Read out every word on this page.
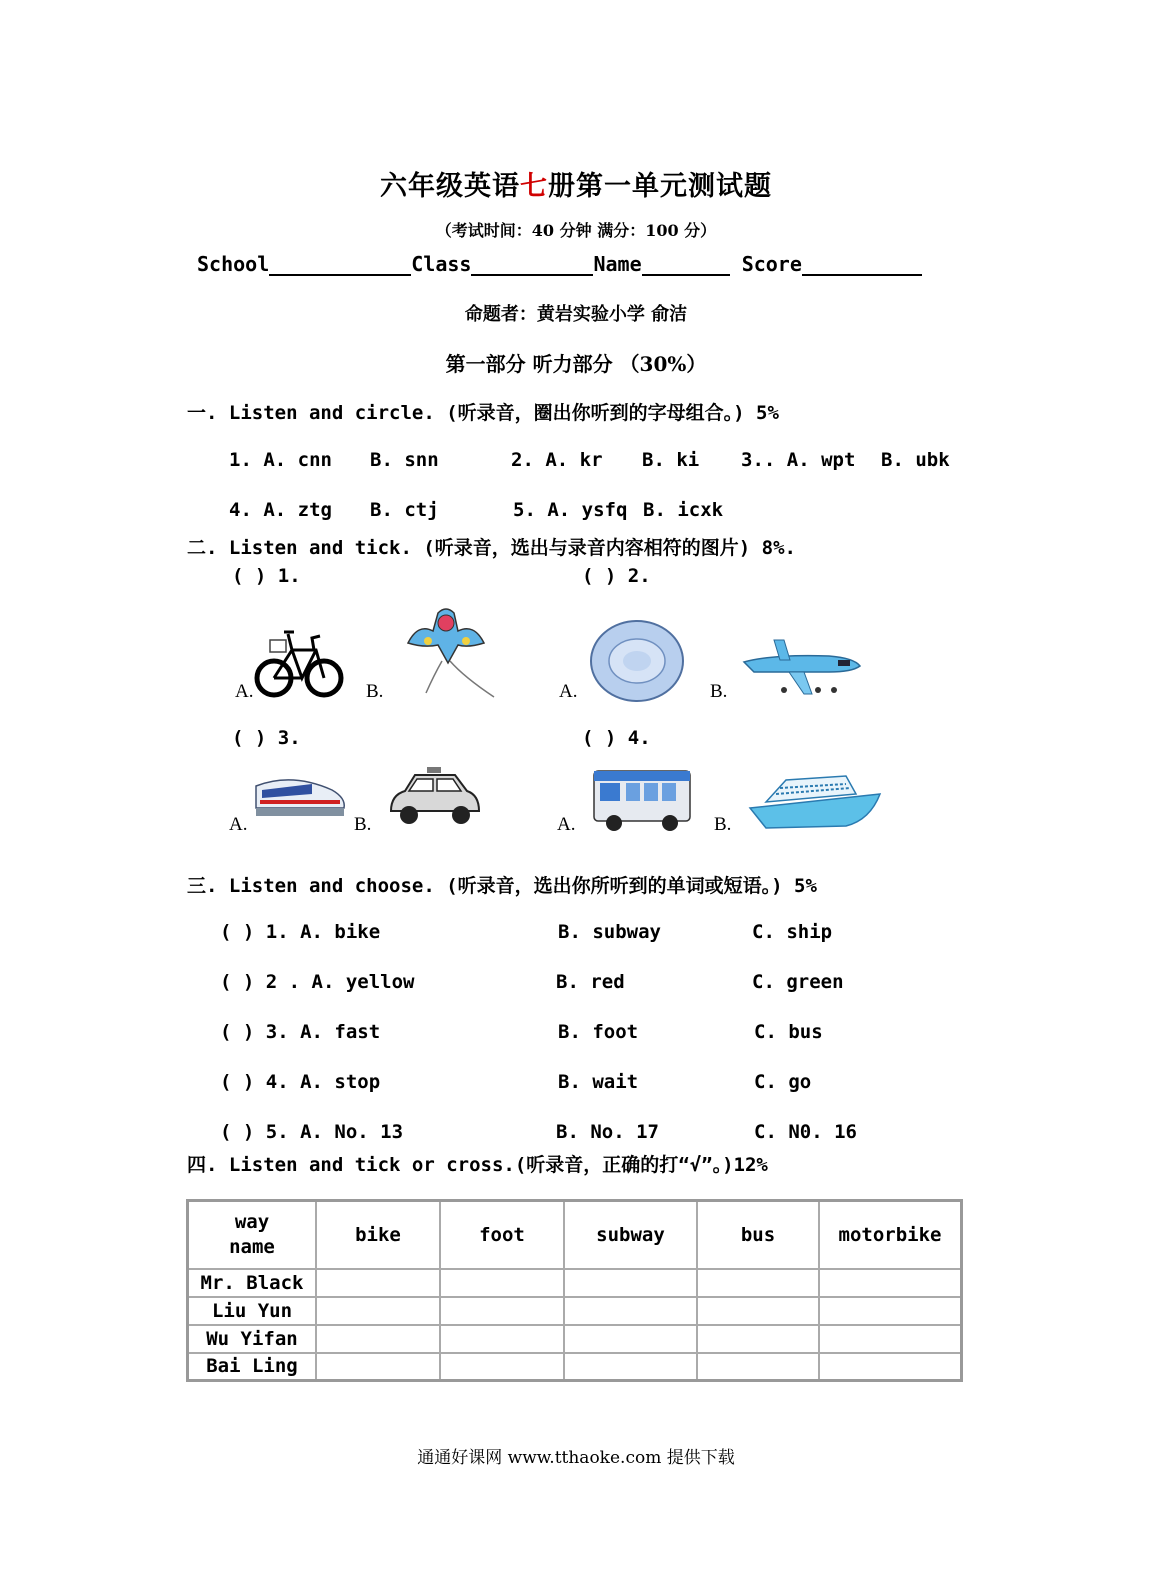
六年级英语七册第一单元测试题
（考试时间：40 分钟 满分：100 分）
School	Class	Name	Score
命题者：黄岩实验小学 俞洁
第一部分 听力部分 （30%）
一. Listen and circle. (听录音，圈出你听到的字母组合。) 5%
1. A. cnn B. snn	2. A. kr B. ki 3.. A. wpt B. ubk
4. A. ztg B. ctj	5. A. ysfq B. icxk
二. Listen and tick. (听录音，选出与录音内容相符的图片) 8%.
( ) 1.	( ) 2.
( ) 3.	( ) 4.
A.	B.	A.	B.
A.	B.	A.	B.
三. Listen and choose. (听录音，选出你所听到的单词或短语。) 5%
( ) 1. A. bike	B. subway	C. ship
( ) 2 . A. yellow	B. red	C. green
( ) 3. A. fast	B. foot	C. bus
( ) 4. A. stop	B. wait	C. go
( ) 5. A. No. 13	B. No. 17	C. N0. 16
四. Listen and tick or cross.(听录音，正确的打“√”。)12%
way
name	bike	foot	subway	bus	motorbike
Mr. Black					
Liu Yun					
Wu Yifan					
Bai Ling					
通通好课网 www.tthaoke.com 提供下载
